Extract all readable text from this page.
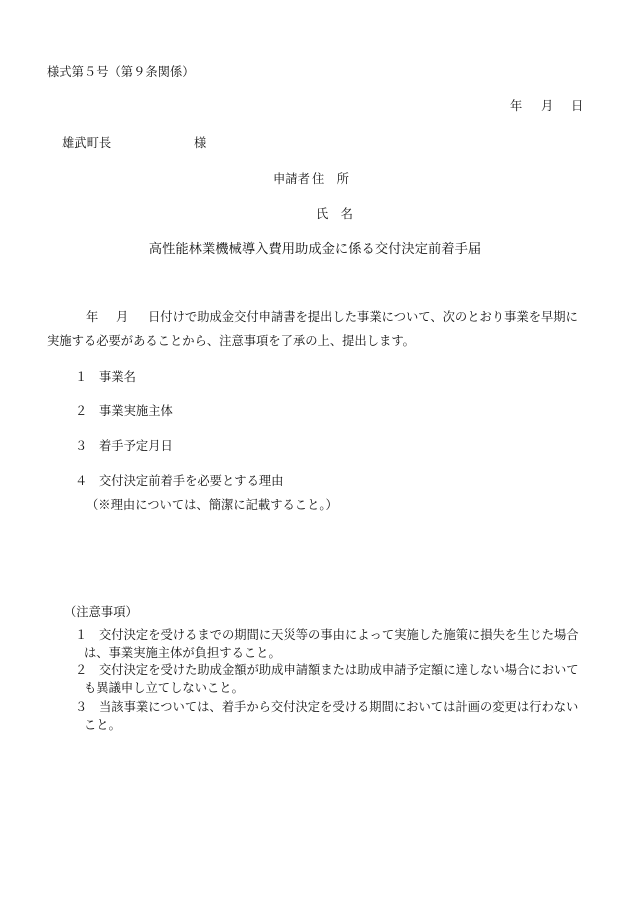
様式第５号（第９条関係）
年 月 日
雄武町長	様
申請者 住　所
氏　名
高性能林業機械導入費用助成金に係る交付決定前着手届
年 月 日付けで助成金交付申請書を提出した事業について、次のとおり事業を早期に
実施する必要があることから、注意事項を了承の上、提出します。
１ 事業名
２ 事業実施主体
３ 着手予定月日
４ 交付決定前着手を必要とする理由
（※理由については、簡潔に記載すること。）
（注意事項）
１ 交付決定を受けるまでの期間に天災等の事由によって実施した施策に損失を生じた場合
は、事業実施主体が負担すること。
２ 交付決定を受けた助成金額が助成申請額または助成申請予定額に達しない場合において
も異議申し立てしないこと。
３ 当該事業については、着手から交付決定を受ける期間においては計画の変更は行わない
こと。
